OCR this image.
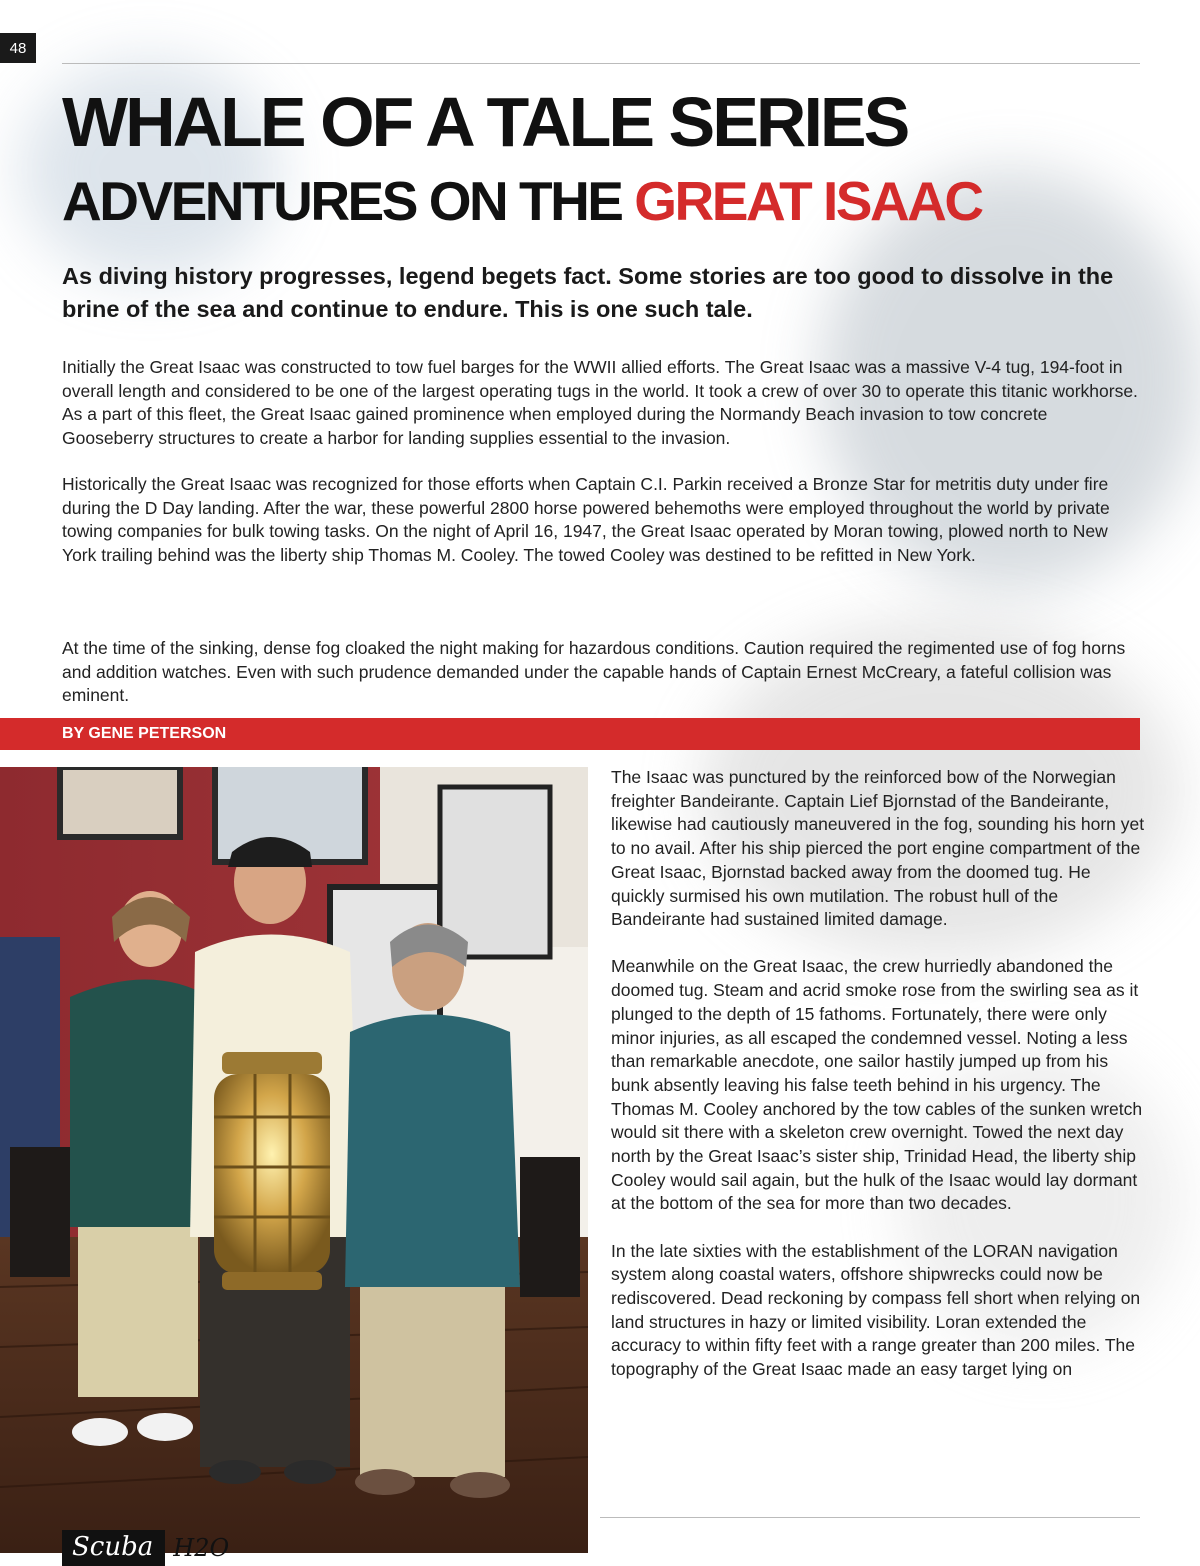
48
WHALE OF A TALE SERIES
ADVENTURES ON THE GREAT ISAAC

As diving history progresses, legend begets fact. Some stories are too good to dissolve in the brine of the sea and continue to endure. This is one such tale.

Initially the Great Isaac was constructed to tow fuel barges for the WWII allied efforts. The Great Isaac was a massive V-4 tug, 194-foot in overall length and considered to be one of the largest operating tugs in the world. It took a crew of over 30 to operate this titanic workhorse. As a part of this fleet, the Great Isaac gained prominence when employed during the Normandy Beach invasion to tow concrete Gooseberry structures to create a harbor for landing supplies essential to the invasion.

Historically the Great Isaac was recognized for those efforts when Captain C.I. Parkin received a Bronze Star for metritis duty under fire during the D Day landing. After the war, these powerful 2800 horse powered behemoths were employed throughout the world by private towing companies for bulk towing tasks. On the night of April 16, 1947, the Great Isaac operated by Moran towing, plowed north to New York trailing behind was the liberty ship Thomas M. Cooley. The towed Cooley was destined to be refitted in New York.

At the time of the sinking, dense fog cloaked the night making for hazardous conditions. Caution required the regimented use of fog horns and addition watches. Even with such prudence demanded under the capable hands of Captain Ernest McCreary, a fateful collision was eminent.

BY GENE PETERSON

The Isaac was punctured by the reinforced bow of the Norwegian freighter Bandeirante. Captain Lief Bjornstad of the Bandeirante, likewise had cautiously maneuvered in the fog, sounding his horn yet to no avail. After his ship pierced the port engine compartment of the Great Isaac, Bjornstad backed away from the doomed tug. He quickly surmised his own mutilation. The robust hull of the Bandeirante had sustained limited damage.

Meanwhile on the Great Isaac, the crew hurriedly abandoned the doomed tug. Steam and acrid smoke rose from the swirling sea as it plunged to the depth of 15 fathoms. Fortunately, there were only minor injuries, as all escaped the condemned vessel. Noting a less than remarkable anecdote, one sailor hastily jumped up from his bunk absently leaving his false teeth behind in his urgency. The Thomas M. Cooley anchored by the tow cables of the sunken wretch would sit there with a skeleton crew overnight. Towed the next day north by the Great Isaac’s sister ship, Trinidad Head, the liberty ship Cooley would sail again, but the hulk of the Isaac would lay dormant at the bottom of the sea for more than two decades.

In the late sixties with the establishment of the LORAN navigation system along coastal waters, offshore shipwrecks could now be rediscovered. Dead reckoning by compass fell short when relying on land structures in hazy or limited visibility. Loran extended the accuracy to within fifty feet with a range greater than 200 miles. The topography of the Great Isaac made an easy target lying on

Scuba H2O
